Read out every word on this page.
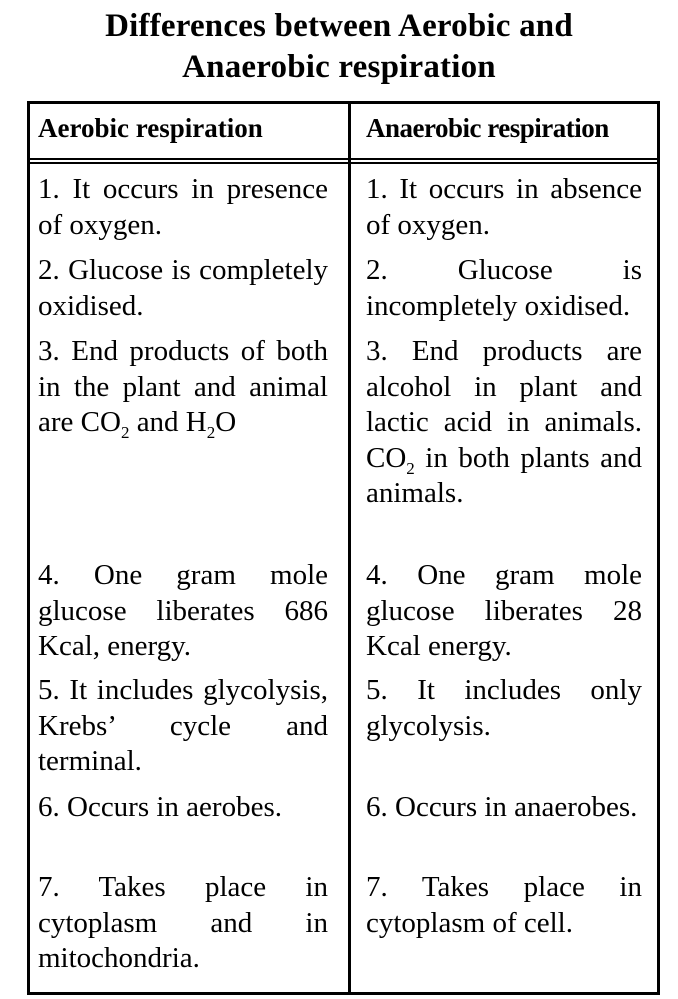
Differences between Aerobic and
Anaerobic respiration
Aerobic respiration	Anaerobic respiration
1. It occurs in presence of oxygen.
2. Glucose is completely oxidised.
3. End products of both in the plant and animal are $CO_2$ and $H_2O$
4. One gram mole glucose liberates 686 Kcal, energy.
5. It includes glycolysis, Krebs’ cycle and terminal.
6. Occurs in aerobes.
7. Takes place in cytoplasm and in mitochondria.
1. It occurs in absence of oxygen.
2. Glucose is incompletely oxidised.
3. End products are alcohol in plant and lactic acid in animals. $CO_2$ in both plants and animals.
4. One gram mole glucose liberates 28 Kcal energy.
5. It includes only glycolysis.
6. Occurs in anaerobes.
7. Takes place in cytoplasm of cell.
